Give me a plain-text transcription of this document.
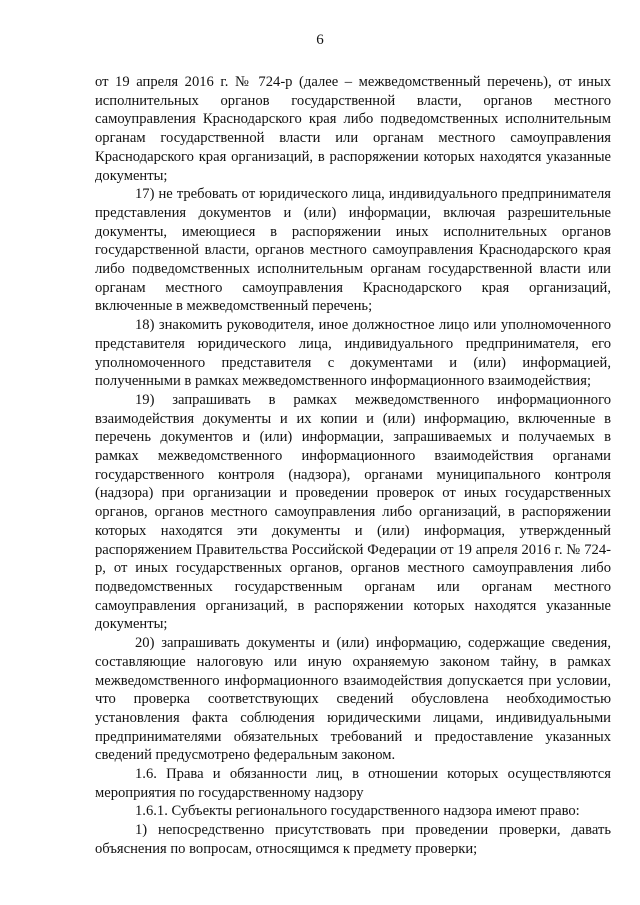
6

от 19 апреля 2016 г. № 724-р (далее – межведомственный перечень), от иных исполнительных органов государственной власти, органов местного самоуправления Краснодарского края либо подведомственных исполнительным органам государственной власти или органам местного самоуправления Краснодарского края организаций, в распоряжении которых находятся указанные документы;

17) не требовать от юридического лица, индивидуального предпринимателя представления документов и (или) информации, включая разрешительные документы, имеющиеся в распоряжении иных исполнительных органов государственной власти, органов местного самоуправления Краснодарского края либо подведомственных исполнительным органам государственной власти или органам местного самоуправления Краснодарского края организаций, включенные в межведомственный перечень;

18) знакомить руководителя, иное должностное лицо или уполномоченного представителя юридического лица, индивидуального предпринимателя, его уполномоченного представителя с документами и (или) информацией, полученными в рамках межведомственного информационного взаимодействия;

19) запрашивать в рамках межведомственного информационного взаимодействия документы и их копии и (или) информацию, включенные в перечень документов и (или) информации, запрашиваемых и получаемых в рамках межведомственного информационного взаимодействия органами государственного контроля (надзора), органами муниципального контроля (надзора) при организации и проведении проверок от иных государственных органов, органов местного самоуправления либо организаций, в распоряжении которых находятся эти документы и (или) информация, утвержденный распоряжением Правительства Российской Федерации от 19 апреля 2016 г. № 724-р, от иных государственных органов, органов местного самоуправления либо подведомственных государственным органам или органам местного самоуправления организаций, в распоряжении которых находятся указанные документы;

20) запрашивать документы и (или) информацию, содержащие сведения, составляющие налоговую или иную охраняемую законом тайну, в рамках межведомственного информационного взаимодействия допускается при условии, что проверка соответствующих сведений обусловлена необходимостью установления факта соблюдения юридическими лицами, индивидуальными предпринимателями обязательных требований и предоставление указанных сведений предусмотрено федеральным законом.

1.6. Права и обязанности лиц, в отношении которых осуществляются мероприятия по государственному надзору

1.6.1. Субъекты регионального государственного надзора имеют право:

1) непосредственно присутствовать при проведении проверки, давать объяснения по вопросам, относящимся к предмету проверки;
